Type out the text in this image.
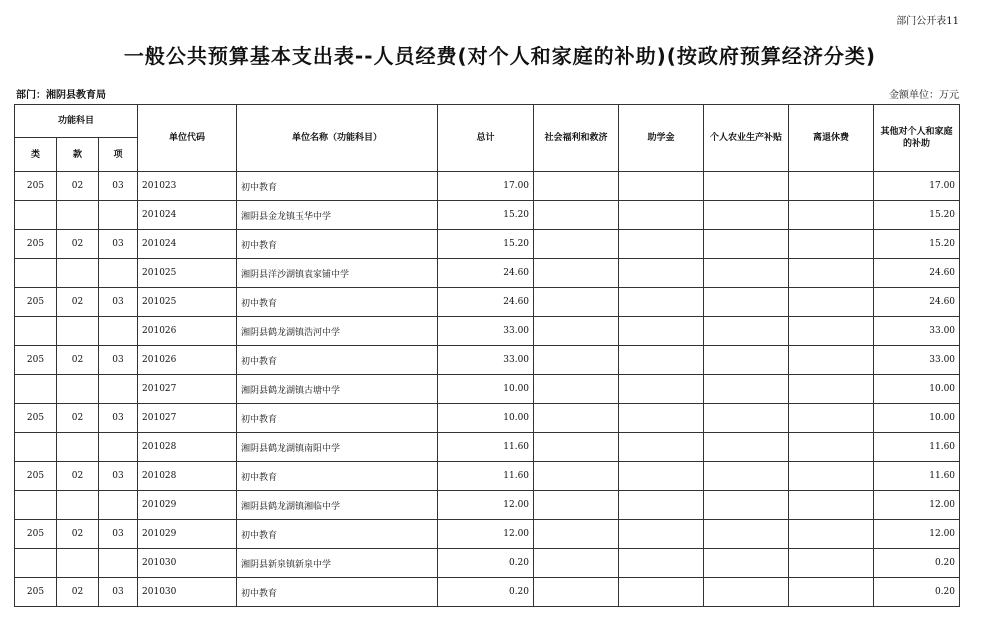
部门公开表11
一般公共预算基本支出表--人员经费(对个人和家庭的补助)(按政府预算经济分类)
部门：湘阴县教育局	金额单位：万元
功能科目			单位代码	单位名称（功能科目）	总计	社会福利和救济	助学金	个人农业生产补贴	离退休费	其他对个人和家庭的补助
类	款	项								
205	02	03	201023	初中教育	17.00					17.00
			201024	湘阴县金龙镇玉华中学	15.20					15.20
205	02	03	201024	初中教育	15.20					15.20
			201025	湘阴县洋沙湖镇袁家铺中学	24.60					24.60
205	02	03	201025	初中教育	24.60					24.60
			201026	湘阴县鹤龙湖镇浩河中学	33.00					33.00
205	02	03	201026	初中教育	33.00					33.00
			201027	湘阴县鹤龙湖镇古塘中学	10.00					10.00
205	02	03	201027	初中教育	10.00					10.00
			201028	湘阴县鹤龙湖镇南阳中学	11.60					11.60
205	02	03	201028	初中教育	11.60					11.60
			201029	湘阴县鹤龙湖镇湘临中学	12.00					12.00
205	02	03	201029	初中教育	12.00					12.00
			201030	湘阴县新泉镇新泉中学	0.20					0.20
205	02	03	201030	初中教育	0.20					0.20
